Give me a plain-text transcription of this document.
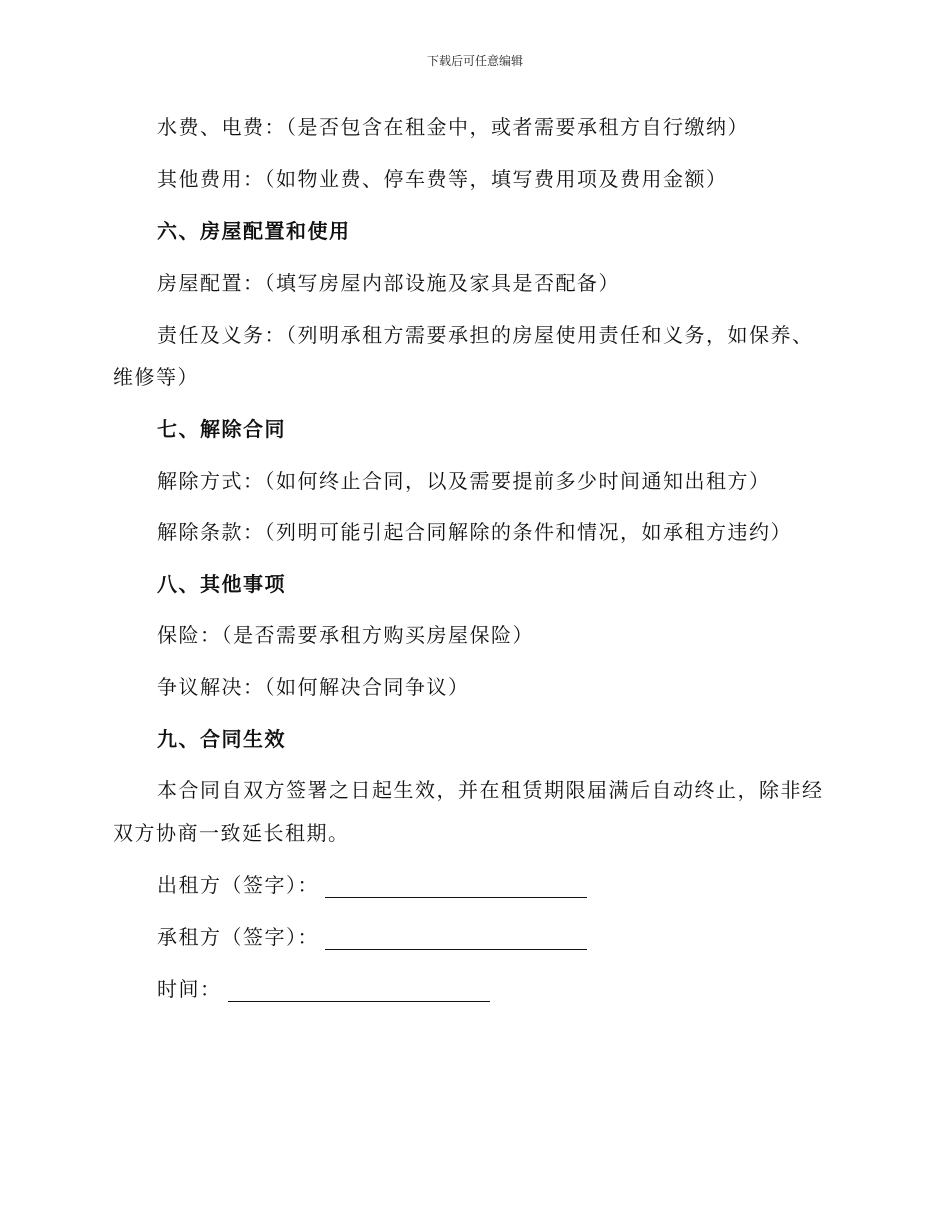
下载后可任意编辑
水费、电费：（是否包含在租金中，或者需要承租方自行缴纳）
其他费用：（如物业费、停车费等，填写费用项及费用金额）
六、房屋配置和使用
房屋配置：（填写房屋内部设施及家具是否配备）
责任及义务：（列明承租方需要承担的房屋使用责任和义务，如保养、
维修等）
七、解除合同
解除方式：（如何终止合同，以及需要提前多少时间通知出租方）
解除条款：（列明可能引起合同解除的条件和情况，如承租方违约）
八、其他事项
保险：（是否需要承租方购买房屋保险）
争议解决：（如何解决合同争议）
九、合同生效
本合同自双方签署之日起生效，并在租赁期限届满后自动终止，除非经
双方协商一致延长租期。
出租方（签字）：
承租方（签字）：
时间：
